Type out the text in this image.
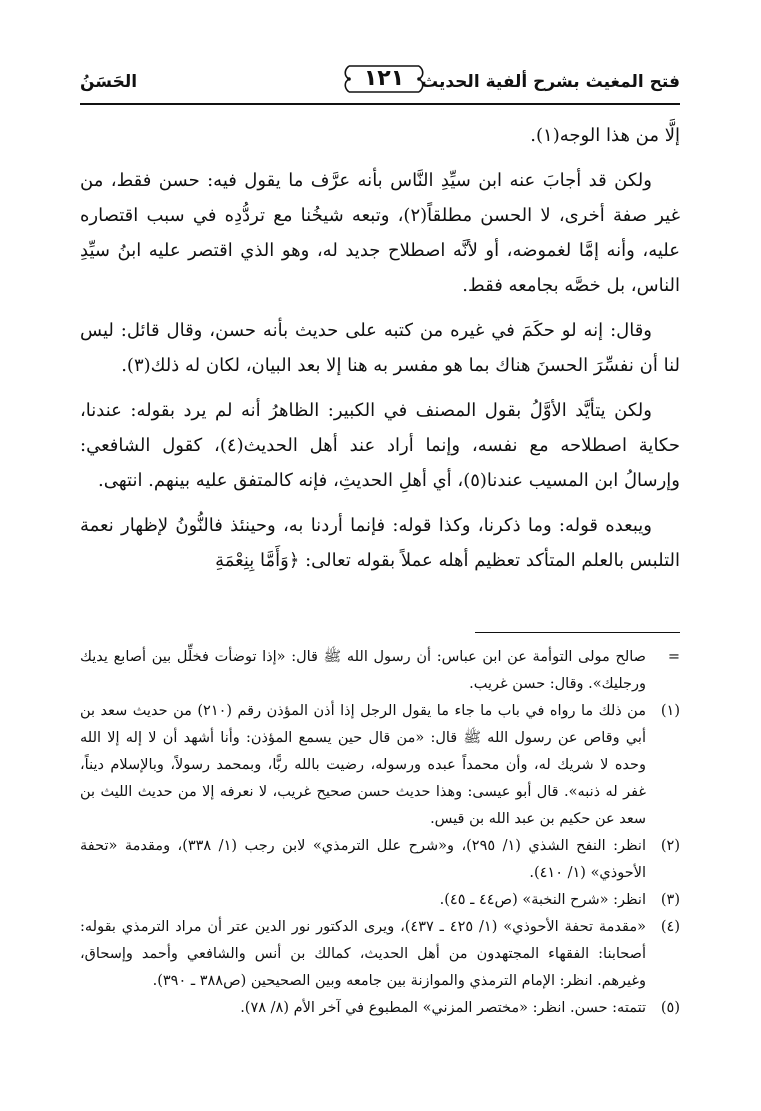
فتح المغيث بشرح ألفية الحديث
الحَسَنُ	١٢١

إلَّا من هذا الوجه(١).

ولكن قد أجابَ عنه ابن سيِّدِ النَّاس بأنه عرَّف ما يقول فيه: حسن فقط، من غير صفة أخرى، لا الحسن مطلقاً(٢)، وتبعه شيخُنا مع تردُّدِه في سبب اقتصاره عليه، وأنه إمَّا لغموضه، أو لأنَّه اصطلاح جديد له، وهو الذي اقتصر عليه ابنُ سيِّدِ الناس، بل خصَّه بجامعه فقط.

وقال: إنه لو حكَمَ في غيره من كتبه على حديث بأنه حسن، وقال قائل: ليس لنا أن نفسِّرَ الحسنَ هناك بما هو مفسر به هنا إلا بعد البيان، لكان له ذلك(٣).

ولكن يتأيَّد الأوَّلُ بقول المصنف في الكبير: الظاهرُ أنه لم يرد بقوله: عندنا، حكاية اصطلاحه مع نفسه، وإنما أراد عند أهل الحديث(٤)، كقول الشافعي: وإرسالُ ابن المسيب عندنا(٥)، أي أهلِ الحديثِ، فإنه كالمتفق عليه بينهم. انتهى.

ويبعده قوله: وما ذكرنا، وكذا قوله: فإنما أردنا به، وحينئذ فالنُّونُ لإظهار نعمة التلبس بالعلم المتأكد تعظيم أهله عملاً بقوله تعالى: ﴿وَأَمَّا بِنِعْمَةِ

=
صالح مولى التوأمة عن ابن عباس: أن رسول الله ﷺ قال: «إذا توضأت فخلِّل بين أصابع يديك ورجليك». وقال: حسن غريب.
(١)
من ذلك ما رواه في باب ما جاء ما يقول الرجل إذا أذن المؤذن رقم (٢١٠) من حديث سعد بن أبي وقاص عن رسول الله ﷺ قال: «من قال حين يسمع المؤذن: وأنا أشهد أن لا إله إلا الله وحده لا شريك له، وأن محمداً عبده ورسوله، رضيت بالله ربًّا، وبمحمد رسولاً، وبالإسلام ديناً، غفر له ذنبه». قال أبو عيسى: وهذا حديث حسن صحيح غريب، لا نعرفه إلا من حديث الليث بن سعد عن حكيم بن عبد الله بن قيس.
(٢)
انظر: النفح الشذي (١/ ٢٩٥)، و«شرح علل الترمذي» لابن رجب (١/ ٣٣٨)، ومقدمة «تحفة الأحوذي» (١/ ٤١٠).
(٣)
انظر: «شرح النخبة» (ص٤٤ ـ ٤٥).
(٤)
«مقدمة تحفة الأحوذي» (١/ ٤٢٥ ـ ٤٣٧)، ويرى الدكتور نور الدين عتر أن مراد الترمذي بقوله: أصحابنا: الفقهاء المجتهدون من أهل الحديث، كمالك بن أنس والشافعي وأحمد وإسحاق، وغيرهم. انظر: الإمام الترمذي والموازنة بين جامعه وبين الصحيحين (ص٣٨٨ ـ ٣٩٠).
(٥)
تتمته: حسن. انظر: «مختصر المزني» المطبوع في آخر الأم (٨/ ٧٨).
